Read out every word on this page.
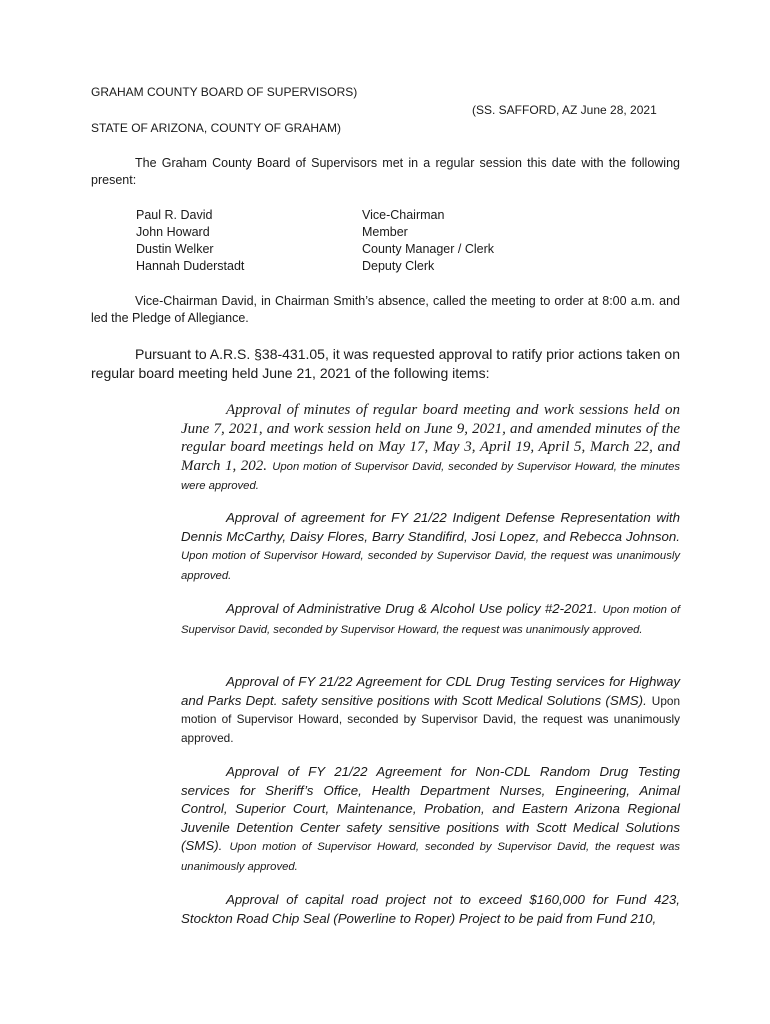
GRAHAM COUNTY BOARD OF SUPERVISORS)
(SS. SAFFORD, AZ June 28, 2021
STATE OF ARIZONA, COUNTY OF GRAHAM)
The Graham County Board of Supervisors met in a regular session this date with the following present:
Paul R. David	Vice-Chairman
John Howard	Member
Dustin Welker	County Manager / Clerk
Hannah Duderstadt	Deputy Clerk
Vice-Chairman David, in Chairman Smith’s absence, called the meeting to order at 8:00 a.m. and led the Pledge of Allegiance.
Pursuant to A.R.S. §38-431.05, it was requested approval to ratify prior actions taken on regular board meeting held June 21, 2021 of the following items:
Approval of minutes of regular board meeting and work sessions held on June 7, 2021, and work session held on June 9, 2021, and amended minutes of the regular board meetings held on May 17, May 3, April 19, April 5, March 22, and March 1, 202. Upon motion of Supervisor David, seconded by Supervisor Howard, the minutes were approved.
Approval of agreement for FY 21/22 Indigent Defense Representation with Dennis McCarthy, Daisy Flores, Barry Standifird, Josi Lopez, and Rebecca Johnson. Upon motion of Supervisor Howard, seconded by Supervisor David, the request was unanimously approved.
Approval of Administrative Drug & Alcohol Use policy #2-2021. Upon motion of Supervisor David, seconded by Supervisor Howard, the request was unanimously approved.
Approval of FY 21/22 Agreement for CDL Drug Testing services for Highway and Parks Dept. safety sensitive positions with Scott Medical Solutions (SMS). Upon motion of Supervisor Howard, seconded by Supervisor David, the request was unanimously approved.
Approval of FY 21/22 Agreement for Non-CDL Random Drug Testing services for Sheriff’s Office, Health Department Nurses, Engineering, Animal Control, Superior Court, Maintenance, Probation, and Eastern Arizona Regional Juvenile Detention Center safety sensitive positions with Scott Medical Solutions (SMS). Upon motion of Supervisor Howard, seconded by Supervisor David, the request was unanimously approved.
Approval of capital road project not to exceed $160,000 for Fund 423, Stockton Road Chip Seal (Powerline to Roper) Project to be paid from Fund 210,
